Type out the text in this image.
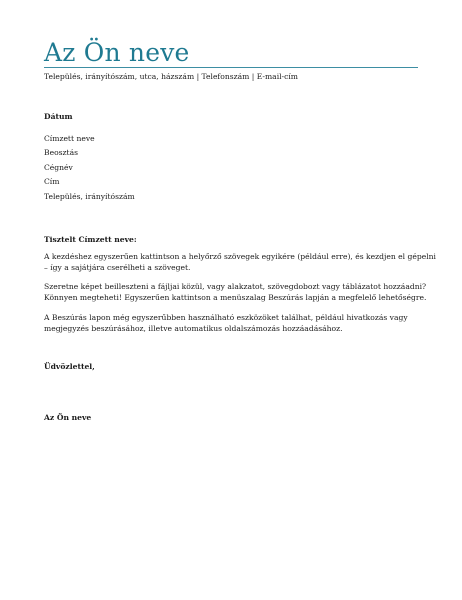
Az Ön neve
Település, irányítószám, utca, házszám | Telefonszám | E-mail-cím
Dátum
Címzett neve
Beosztás
Cégnév
Cím
Település, irányítószám
Tisztelt Címzett neve:
A kezdéshez egyszerűen kattintson a helyőrző szövegek egyikére (például erre), és kezdjen el gépelni
– így a sajátjára cserélheti a szöveget.
Szeretne képet beilleszteni a fájljai közül, vagy alakzatot, szövegdobozt vagy táblázatot hozzáadni?
Könnyen megteheti! Egyszerűen kattintson a menüszalag Beszúrás lapján a megfelelő lehetőségre.
A Beszúrás lapon még egyszerűbben használható eszközöket találhat, például hivatkozás vagy
megjegyzés beszúrásához, illetve automatikus oldalszámozás hozzáadásához.
Üdvözlettel,
Az Ön neve
